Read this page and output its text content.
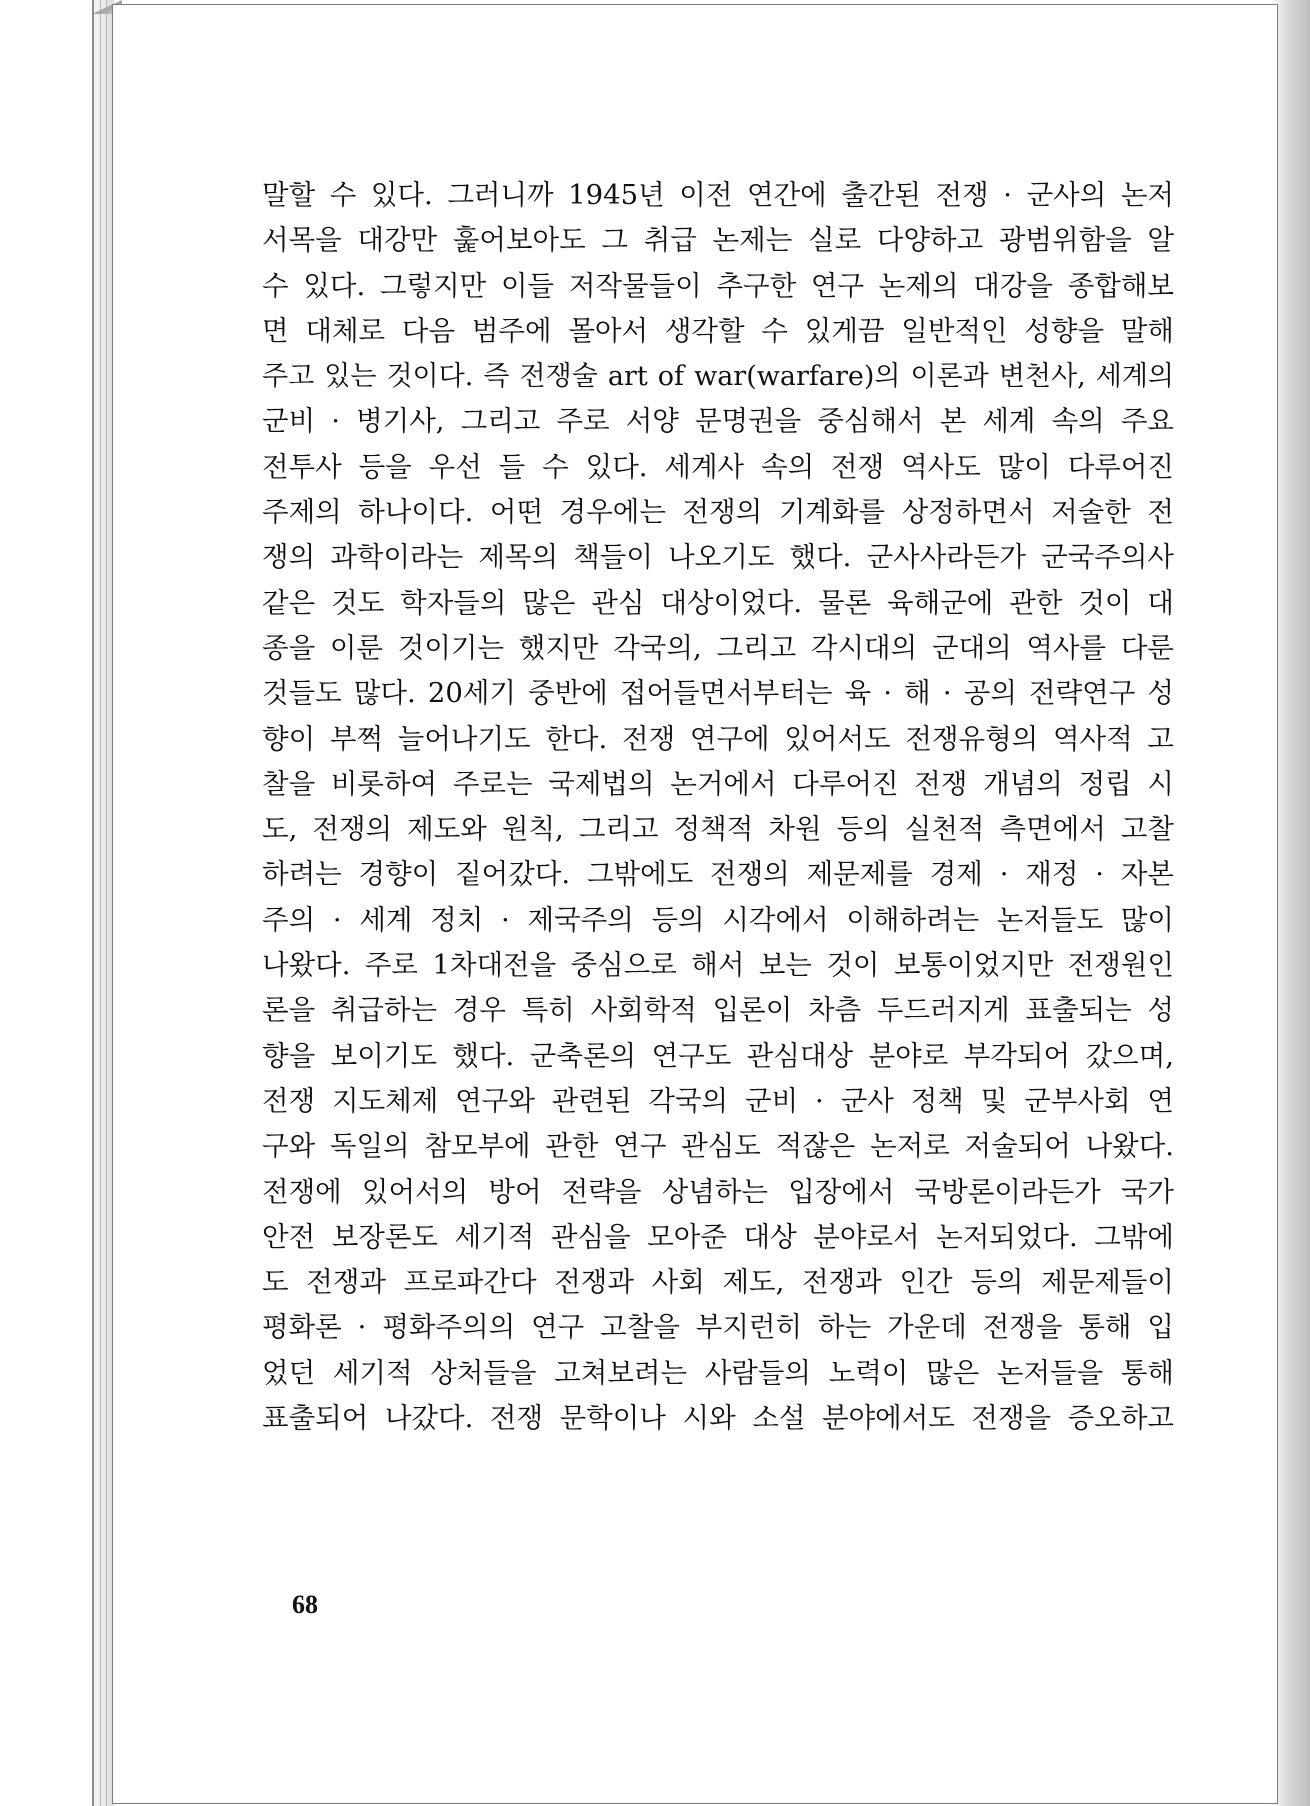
말할 수 있다. 그러니까 1945년 이전 연간에 출간된 전쟁 · 군사의 논저
서목을 대강만 훑어보아도 그 취급 논제는 실로 다양하고 광범위함을 알
수 있다. 그렇지만 이들 저작물들이 추구한 연구 논제의 대강을 종합해보
면 대체로 다음 범주에 몰아서 생각할 수 있게끔 일반적인 성향을 말해
주고 있는 것이다. 즉 전쟁술 art of war(warfare)의 이론과 변천사, 세계의
군비 · 병기사, 그리고 주로 서양 문명권을 중심해서 본 세계 속의 주요
전투사 등을 우선 들 수 있다. 세계사 속의 전쟁 역사도 많이 다루어진
주제의 하나이다. 어떤 경우에는 전쟁의 기계화를 상정하면서 저술한 전
쟁의 과학이라는 제목의 책들이 나오기도 했다. 군사사라든가 군국주의사
같은 것도 학자들의 많은 관심 대상이었다. 물론 육해군에 관한 것이 대
종을 이룬 것이기는 했지만 각국의, 그리고 각시대의 군대의 역사를 다룬
것들도 많다. 20세기 중반에 접어들면서부터는 육 · 해 · 공의 전략연구 성
향이 부쩍 늘어나기도 한다. 전쟁 연구에 있어서도 전쟁유형의 역사적 고
찰을 비롯하여 주로는 국제법의 논거에서 다루어진 전쟁 개념의 정립 시
도, 전쟁의 제도와 원칙, 그리고 정책적 차원 등의 실천적 측면에서 고찰
하려는 경향이 짙어갔다. 그밖에도 전쟁의 제문제를 경제 · 재정 · 자본
주의 · 세계 정치 · 제국주의 등의 시각에서 이해하려는 논저들도 많이
나왔다. 주로 1차대전을 중심으로 해서 보는 것이 보통이었지만 전쟁원인
론을 취급하는 경우 특히 사회학적 입론이 차츰 두드러지게 표출되는 성
향을 보이기도 했다. 군축론의 연구도 관심대상 분야로 부각되어 갔으며,
전쟁 지도체제 연구와 관련된 각국의 군비 · 군사 정책 및 군부사회 연
구와 독일의 참모부에 관한 연구 관심도 적잖은 논저로 저술되어 나왔다.
전쟁에 있어서의 방어 전략을 상념하는 입장에서 국방론이라든가 국가
안전 보장론도 세기적 관심을 모아준 대상 분야로서 논저되었다. 그밖에
도 전쟁과 프로파간다 전쟁과 사회 제도, 전쟁과 인간 등의 제문제들이
평화론 · 평화주의의 연구 고찰을 부지런히 하는 가운데 전쟁을 통해 입
었던 세기적 상처들을 고쳐보려는 사람들의 노력이 많은 논저들을 통해
표출되어 나갔다. 전쟁 문학이나 시와 소설 분야에서도 전쟁을 증오하고
68
